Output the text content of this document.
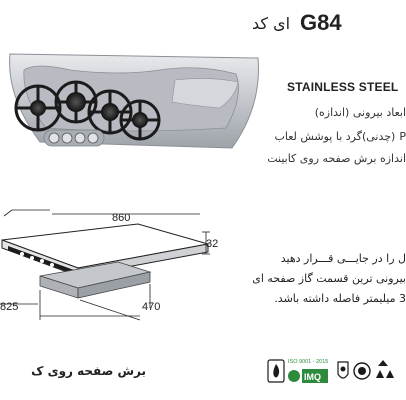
ای کد G84
STAINLESS STEEL
ابعاد بیرونی (اندازه)
P(چدنی)گرد با پوشش لعاب
اندازه برش صفحه روی کابینت
860
32
825	470
ل را در جایـــی قـــرار دهید
بیرونی ترین قسمت گاز صفحه ای
3 میلیمتر فاصله داشته باشد.
برش صفحه روی ک
ISO 9001 - 2015
IMQ
